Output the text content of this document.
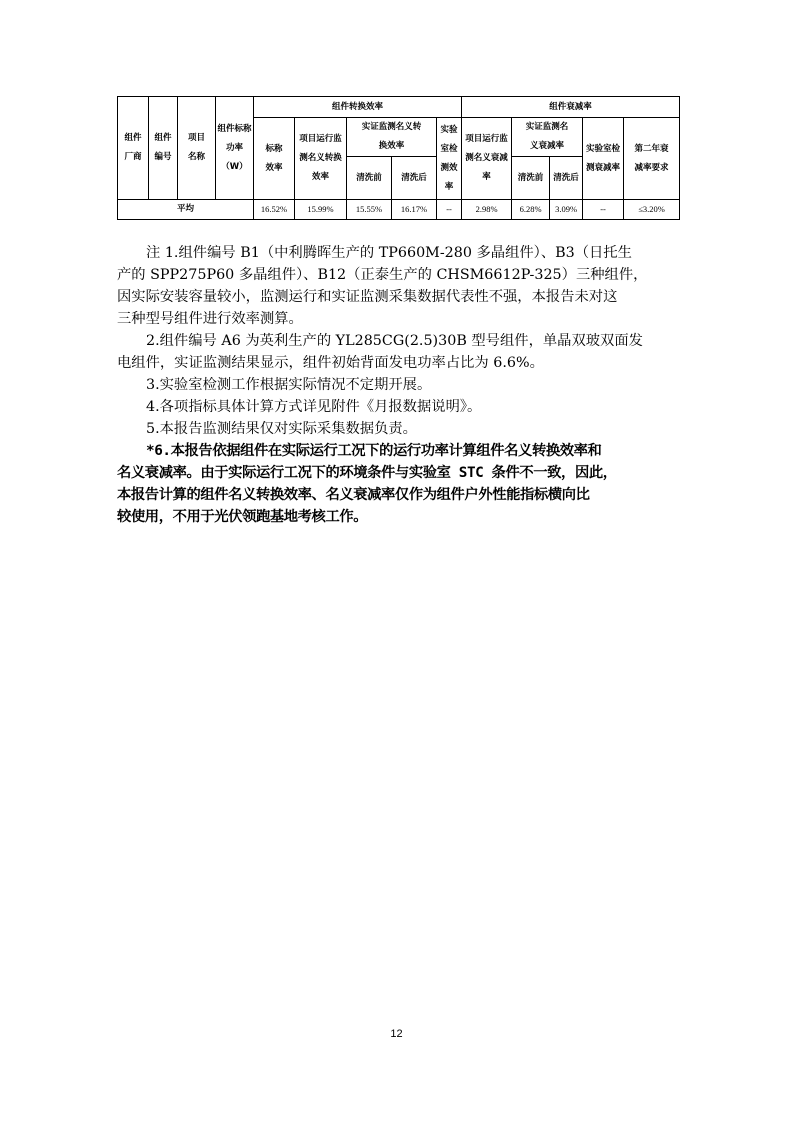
组件厂商	组件编号	项目名称	组件标称功率（W）	组件转换效率					组件衰减率				
				标称效率	项目运行监测名义转换效率	实证监测名义转换效率		实验室检测效率	项目运行监测名义衰减率	实证监测名义衰减率		实验室检测衰减率	第二年衰减率要求
						清洗前	清洗后			清洗前	清洗后		
平均				16.52%	15.99%	15.55%	16.17%	--	2.98%	6.28%	3.09%	--	≤3.20%

注 1.组件编号 B1（中利腾晖生产的 TP660M-280 多晶组件）、B3（日托生

产的 SPP275P60 多晶组件）、B12（正泰生产的 CHSM6612P-325）三种组件，

因实际安装容量较小，监测运行和实证监测采集数据代表性不强，本报告未对这

三种型号组件进行效率测算。

2.组件编号 A6 为英利生产的 YL285CG(2.5)30B 型号组件，单晶双玻双面发

电组件，实证监测结果显示，组件初始背面发电功率占比为 6.6%。

3.实验室检测工作根据实际情况不定期开展。

4.各项指标具体计算方式详见附件《月报数据说明》。

5.本报告监测结果仅对实际采集数据负责。

*6.本报告依据组件在实际运行工况下的运行功率计算组件名义转换效率和

名义衰减率。由于实际运行工况下的环境条件与实验室 STC 条件不一致，因此，

本报告计算的组件名义转换效率、名义衰减率仅作为组件户外性能指标横向比

较使用，不用于光伏领跑基地考核工作。

12
